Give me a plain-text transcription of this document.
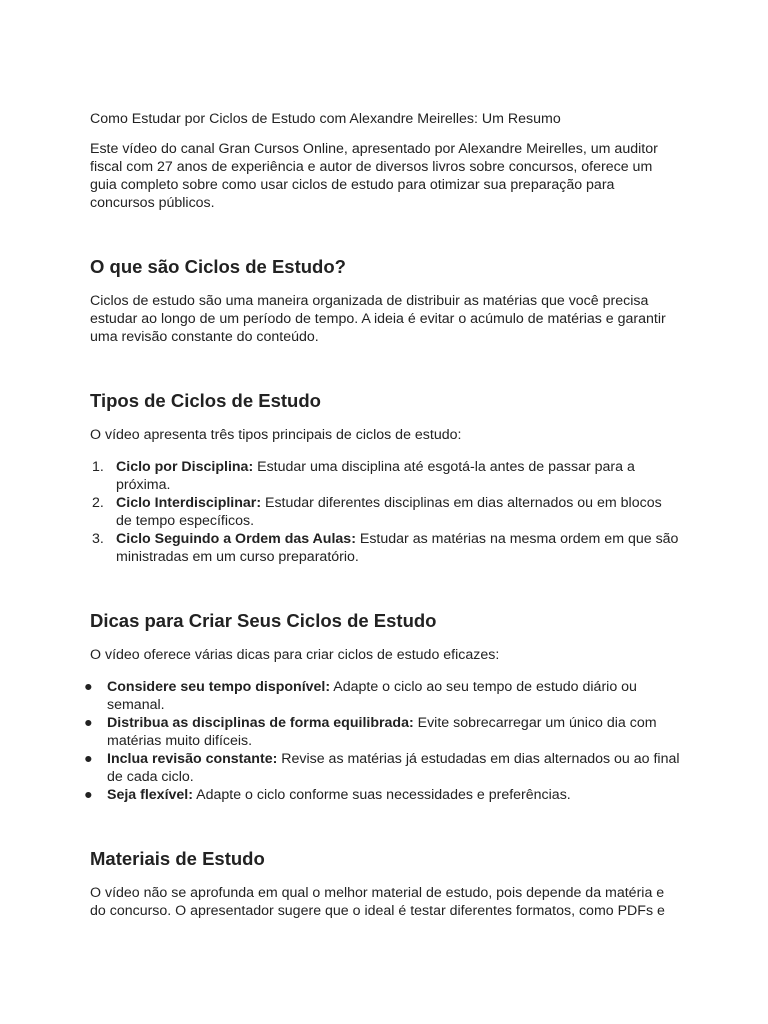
Como Estudar por Ciclos de Estudo com Alexandre Meirelles: Um Resumo

Este vídeo do canal Gran Cursos Online, apresentado por Alexandre Meirelles, um auditor fiscal com 27 anos de experiência e autor de diversos livros sobre concursos, oferece um guia completo sobre como usar ciclos de estudo para otimizar sua preparação para concursos públicos.

O que são Ciclos de Estudo?

Ciclos de estudo são uma maneira organizada de distribuir as matérias que você precisa estudar ao longo de um período de tempo. A ideia é evitar o acúmulo de matérias e garantir uma revisão constante do conteúdo.

Tipos de Ciclos de Estudo

O vídeo apresenta três tipos principais de ciclos de estudo:

1. Ciclo por Disciplina: Estudar uma disciplina até esgotá-la antes de passar para a próxima.
2. Ciclo Interdisciplinar: Estudar diferentes disciplinas em dias alternados ou em blocos de tempo específicos.
3. Ciclo Seguindo a Ordem das Aulas: Estudar as matérias na mesma ordem em que são ministradas em um curso preparatório.
Dicas para Criar Seus Ciclos de Estudo

O vídeo oferece várias dicas para criar ciclos de estudo eficazes:

● Considere seu tempo disponível: Adapte o ciclo ao seu tempo de estudo diário ou semanal.
● Distribua as disciplinas de forma equilibrada: Evite sobrecarregar um único dia com matérias muito difíceis.
● Inclua revisão constante: Revise as matérias já estudadas em dias alternados ou ao final de cada ciclo.
● Seja flexível: Adapte o ciclo conforme suas necessidades e preferências.
Materiais de Estudo

O vídeo não se aprofunda em qual o melhor material de estudo, pois depende da matéria e do concurso. O apresentador sugere que o ideal é testar diferentes formatos, como PDFs e
